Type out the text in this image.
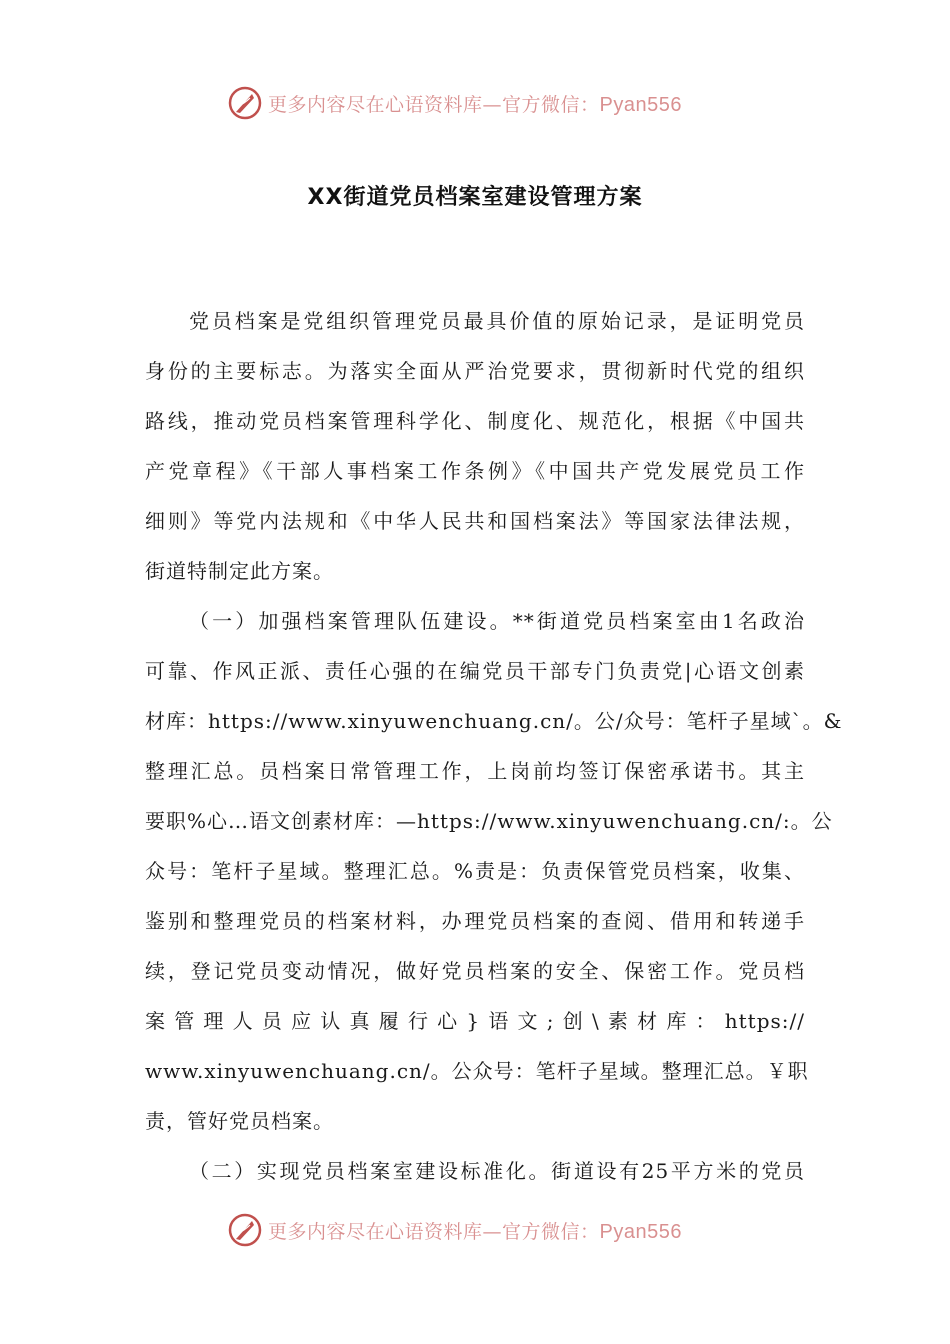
更多内容尽在心语资料库—官方微信：Pyan556
XX街道党员档案室建设管理方案
党员档案是党组织管理党员最具价值的原始记录，是证明党员
身份的主要标志。为落实全面从严治党要求，贯彻新时代党的组织
路线，推动党员档案管理科学化、制度化、规范化，根据《中国共
产党章程》《干部人事档案工作条例》《中国共产党发展党员工作
细则》等党内法规和《中华人民共和国档案法》等国家法律法规，
街道特制定此方案。
（一）加强档案管理队伍建设。**街道党员档案室由1名政治
可靠、作风正派、责任心强的在编党员干部专门负责党|心语文创素
材库：https://www.xinyuwenchuang.cn/。公/众号：笔杆子星域`。&
整理汇总。员档案日常管理工作，上岗前均签订保密承诺书。其主
要职%心…语文创素材库：—https://www.xinyuwenchuang.cn/:。公
众号：笔杆子星域。整理汇总。%责是：负责保管党员档案，收集、
鉴别和整理党员的档案材料，办理党员档案的查阅、借用和转递手
续，登记党员变动情况，做好党员档案的安全、保密工作。党员档
案管理人员应认真履行心}语文;创\素材库：https://
www.xinyuwenchuang.cn/。公众号：笔杆子星域。整理汇总。￥职
责，管好党员档案。
（二）实现党员档案室建设标准化。街道设有25平方米的党员
更多内容尽在心语资料库—官方微信：Pyan556
